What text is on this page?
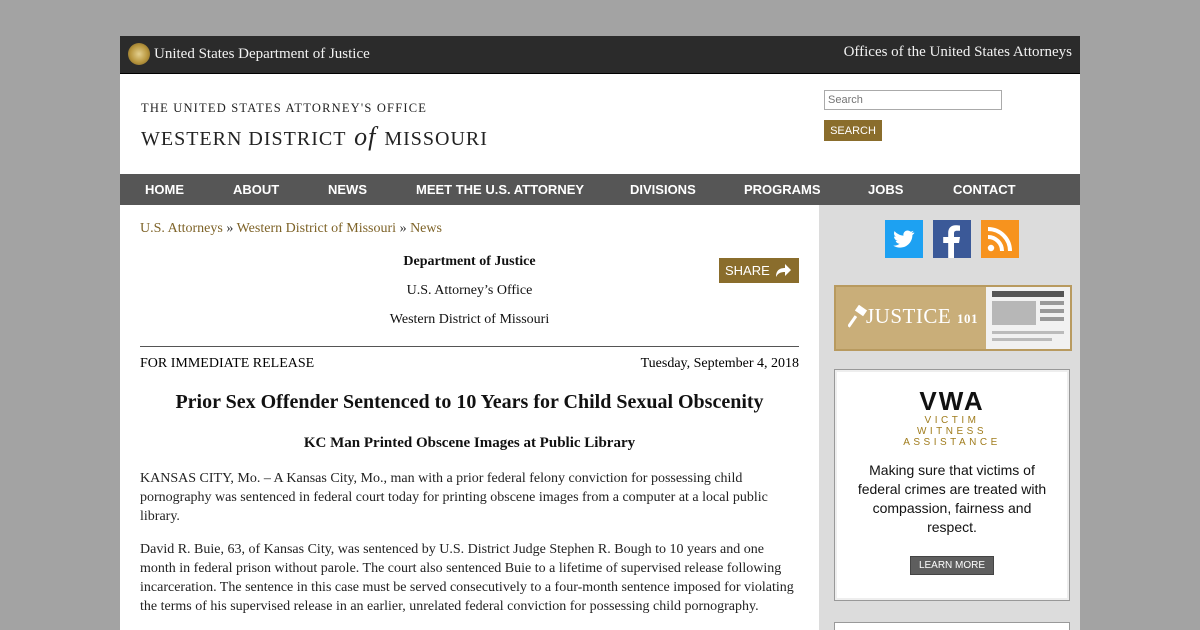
United States Department of Justice	Offices of the United States Attorneys
THE UNITED STATES ATTORNEY'S OFFICE
WESTERN DISTRICT of MISSOURI
Search	SEARCH
HOME	ABOUT	NEWS	MEET THE U.S. ATTORNEY	DIVISIONS	PROGRAMS	JOBS	CONTACT
U.S. Attorneys » Western District of Missouri » News
Department of Justice
U.S. Attorney’s Office
Western District of Missouri
SHARE
FOR IMMEDIATE RELEASE	Tuesday, September 4, 2018
Prior Sex Offender Sentenced to 10 Years for Child Sexual Obscenity
KC Man Printed Obscene Images at Public Library
KANSAS CITY, Mo. – A Kansas City, Mo., man with a prior federal felony conviction for possessing child pornography was sentenced in federal court today for printing obscene images from a computer at a local public library.
David R. Buie, 63, of Kansas City, was sentenced by U.S. District Judge Stephen R. Bough to 10 years and one month in federal prison without parole. The court also sentenced Buie to a lifetime of supervised release following incarceration. The sentence in this case must be served consecutively to a four-month sentence imposed for violating the terms of his supervised release in an earlier, unrelated federal conviction for possessing child pornography.
JUSTICE 101
VWA
VICTIM
WITNESS
ASSISTANCE
Making sure that victims of federal crimes are treated with compassion, fairness and respect.
LEARN MORE
